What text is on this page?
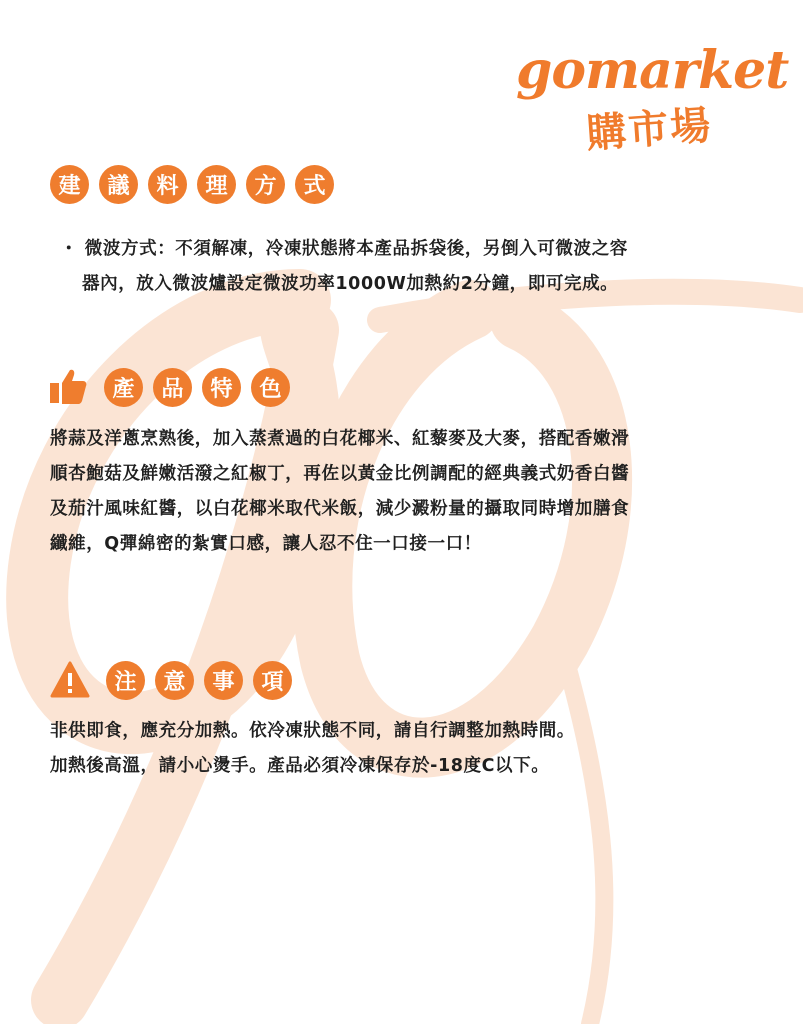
gomarket
購市場
建	議	料	理	方	式
・ 微波方式：不須解凍，冷凍狀態將本產品拆袋後，另倒入可微波之容
器內，放入微波爐設定微波功率1000W加熱約2分鐘，即可完成。
產	品	特	色
將蒜及洋蔥烹熟後，加入蒸煮過的白花椰米、紅藜麥及大麥，搭配香嫩滑
順杏鮑菇及鮮嫩活潑之紅椒丁，再佐以黃金比例調配的經典義式奶香白醬
及茄汁風味紅醬，以白花椰米取代米飯，減少澱粉量的攝取同時增加膳食
纖維，Q彈綿密的紮實口感，讓人忍不住一口接一口！
注	意	事	項
非供即食，應充分加熱。依冷凍狀態不同，請自行調整加熱時間。
加熱後高溫，請小心燙手。產品必須冷凍保存於-18度C以下。
